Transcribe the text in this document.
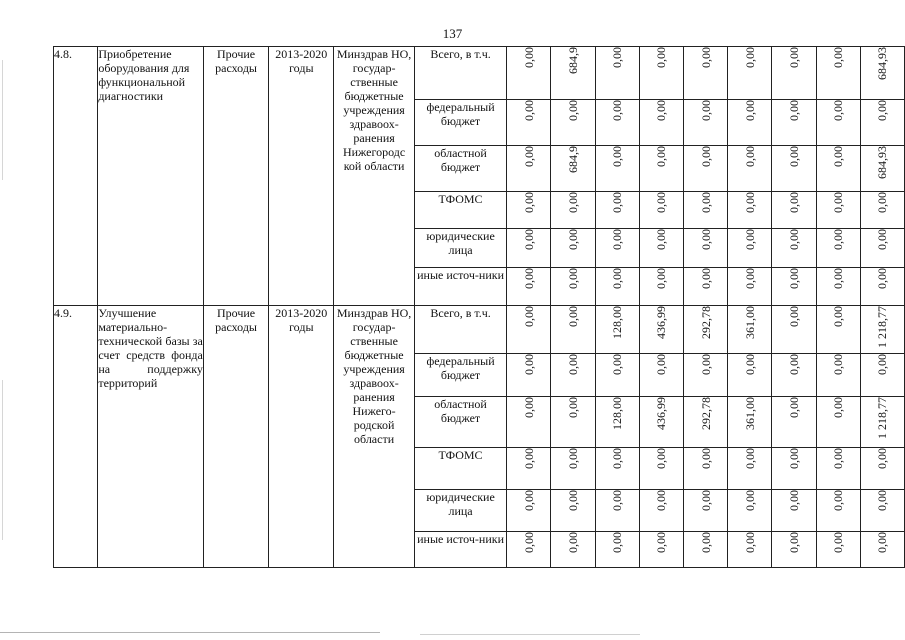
137
4.8.	Приобретение оборудования для функциональной диагностики	Прочие расходы	2013-2020 годы	Минздрав НО, государ-ственные бюджетные учреждения здравоох-ранения Нижегородс кой области	Всего, в т.ч.	0,00	684,9	0,00	0,00	0,00	0,00	0,00	0,00	684,93
					федеральный бюджет	0,00	0,00	0,00	0,00	0,00	0,00	0,00	0,00	0,00
					областной бюджет	0,00	684,9	0,00	0,00	0,00	0,00	0,00	0,00	684,93
					ТФОМС	0,00	0,00	0,00	0,00	0,00	0,00	0,00	0,00	0,00
					юридические лица	0,00	0,00	0,00	0,00	0,00	0,00	0,00	0,00	0,00
					иные источ-ники	0,00	0,00	0,00	0,00	0,00	0,00	0,00	0,00	0,00
4.9.	Улучшение материально-технической базы за счет средств фонда на поддержку территорий	Прочие расходы	2013-2020 годы	Минздрав НО, государ-ственные бюджетные учреждения здравоох-ранения Нижего-родской области	Всего, в т.ч.	0,00	0,00	128,00	436,99	292,78	361,00	0,00	0,00	1 218,77
					федеральный бюджет	0,00	0,00	0,00	0,00	0,00	0,00	0,00	0,00	0,00
					областной бюджет	0,00	0,00	128,00	436,99	292,78	361,00	0,00	0,00	1 218,77
					ТФОМС	0,00	0,00	0,00	0,00	0,00	0,00	0,00	0,00	0,00
					юридические лица	0,00	0,00	0,00	0,00	0,00	0,00	0,00	0,00	0,00
					иные источ-ники	0,00	0,00	0,00	0,00	0,00	0,00	0,00	0,00	0,00
